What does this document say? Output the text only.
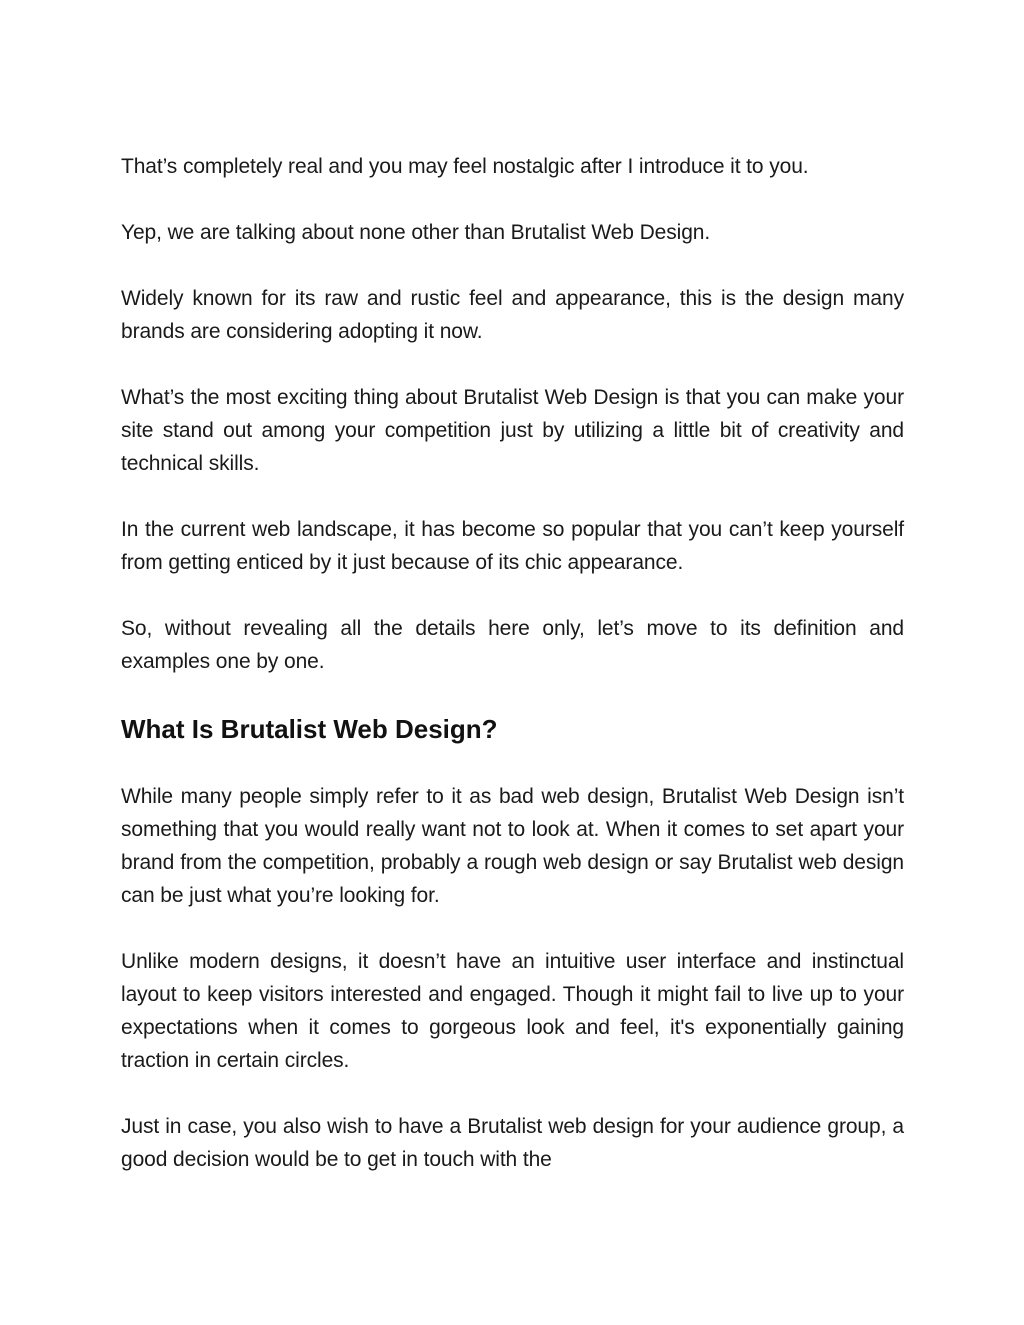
That’s completely real and you may feel nostalgic after I introduce it to you.

Yep, we are talking about none other than Brutalist Web Design.

Widely known for its raw and rustic feel and appearance, this is the design many brands are considering adopting it now.

What’s the most exciting thing about Brutalist Web Design is that you can make your site stand out among your competition just by utilizing a little bit of creativity and technical skills.

In the current web landscape, it has become so popular that you can’t keep yourself from getting enticed by it just because of its chic appearance.

So, without revealing all the details here only, let’s move to its definition and examples one by one.

What Is Brutalist Web Design?

While many people simply refer to it as bad web design, Brutalist Web Design isn’t something that you would really want not to look at. When it comes to set apart your brand from the competition, probably a rough web design or say Brutalist web design can be just what you’re looking for.

Unlike modern designs, it doesn’t have an intuitive user interface and instinctual layout to keep visitors interested and engaged. Though it might fail to live up to your expectations when it comes to gorgeous look and feel, it's exponentially gaining traction in certain circles.

Just in case, you also wish to have a Brutalist web design for your audience group, a good decision would be to get in touch with the
